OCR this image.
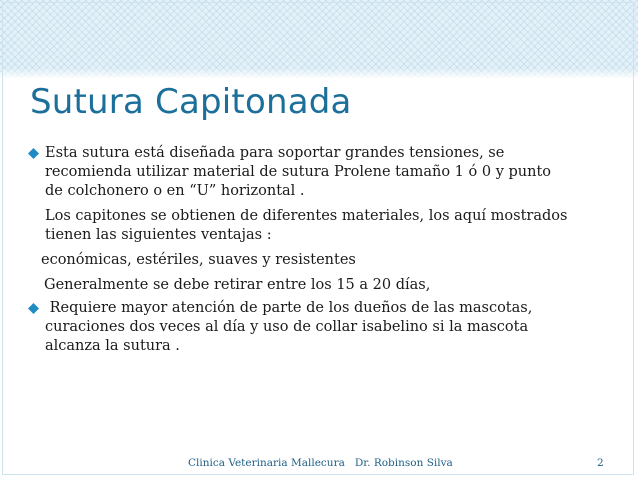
Sutura Capitonada
Esta sutura está diseñada para soportar grandes tensiones, se
recomienda utilizar material de sutura Prolene tamaño 1 ó 0 y punto
de colchonero o en “U” horizontal .
Los capitones se obtienen de diferentes materiales, los aquí mostrados
tienen las siguientes ventajas :
económicas, estériles, suaves y resistentes
Generalmente se debe retirar entre los 15 a 20 días,
Requiere mayor atención de parte de los dueños de las mascotas,
curaciones dos veces al día y uso de collar isabelino si la mascota
alcanza la sutura .
Clinica Veterinaria Mallecura   Dr. Robinson Silva	2
